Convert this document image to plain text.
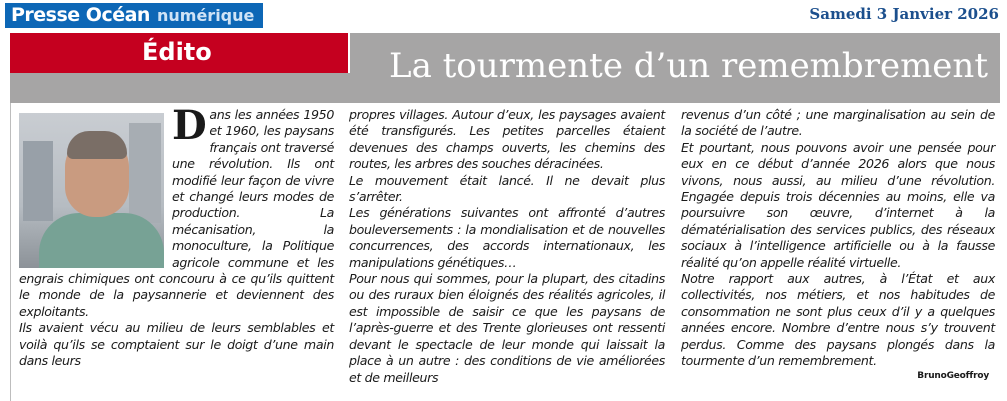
Presse Océan numérique	Samedi 3 Janvier 2026
Édito	La tourmente d’un remembrement

Dans les années 1950 et 1960, les paysans français ont traversé une révolution. Ils ont modifié leur façon de vivre et changé leurs modes de production. La mécanisation, la monoculture, la Politique agricole commune et les engrais chimiques ont concouru à ce qu’ils quittent le monde de la paysannerie et deviennent des exploitants.

Ils avaient vécu au milieu de leurs semblables et voilà qu’ils se comptaient sur le doigt d’une main dans leurs

propres villages. Autour d’eux, les paysages avaient été transfigurés. Les petites parcelles étaient devenues des champs ouverts, les chemins des routes, les arbres des souches déracinées.

Le mouvement était lancé. Il ne devait plus s’arrêter.

Les générations suivantes ont affronté d’autres bouleversements : la mondialisation et de nouvelles concurrences, des accords internationaux, les manipulations génétiques…

Pour nous qui sommes, pour la plupart, des citadins ou des ruraux bien éloignés des réalités agricoles, il est impossible de saisir ce que les paysans de l’après-guerre et des Trente glorieuses ont ressenti devant le spectacle de leur monde qui laissait la place à un autre : des conditions de vie améliorées et de meilleurs

revenus d’un côté ; une marginalisation au sein de la société de l’autre.

Et pourtant, nous pouvons avoir une pensée pour eux en ce début d’année 2026 alors que nous vivons, nous aussi, au milieu d’une révolution. Engagée depuis trois décennies au moins, elle va poursuivre son œuvre, d’internet à la dématérialisation des services publics, des réseaux sociaux à l’intelligence artificielle ou à la fausse réalité qu’on appelle réalité virtuelle.

Notre rapport aux autres, à l’État et aux collectivités, nos métiers, et nos habitudes de consommation ne sont plus ceux d’il y a quelques années encore. Nombre d’entre nous s’y trouvent perdus. Comme des paysans plongés dans la tourmente d’un remembrement.

BrunoGeoffroy
